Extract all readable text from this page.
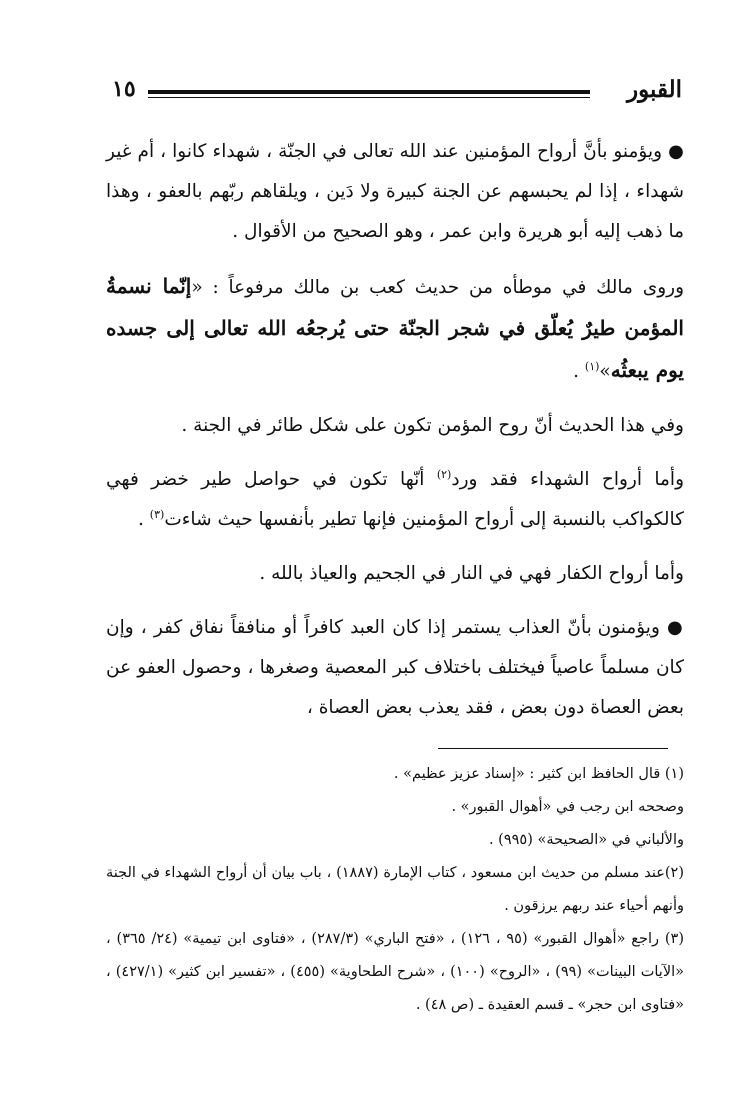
القبور
١٥

● ويؤمنو بأنَّ أرواح المؤمنين عند الله تعالى في الجنّة ، شهداء كانوا ، أم غير شهداء ، إذا لم يحبسهم عن الجنة كبيرة ولا دَين ، ويلقاهم ربّهم بالعفو ، وهذا ما ذهب إليه أبو هريرة وابن عمر ، وهو الصحيح من الأقوال .

وروى مالك في موطأه من حديث كعب بن مالك مرفوعاً : «إنّما نسمةُ المؤمن طيرٌ يُعلّق في شجر الجنّة حتى يُرجعُه الله تعالى إلى جسده يوم يبعثُه»$^{(١)}$ .

وفي هذا الحديث أنّ روح المؤمن تكون على شكل طائر في الجنة .

وأما أرواح الشهداء فقد ورد$^{(٢)}$ أنّها تكون في حواصل طير خضر فهي كالكواكب بالنسبة إلى أرواح المؤمنين فإنها تطير بأنفسها حيث شاءت$^{(٣)}$ .

وأما أرواح الكفار فهي في النار في الجحيم والعياذ بالله .

● ويؤمنون بأنّ العذاب يستمر إذا كان العبد كافراً أو منافقاً نفاق كفر ، وإن كان مسلماً عاصياً فيختلف باختلاف كبر المعصية وصغرها ، وحصول العفو عن بعض العصاة دون بعض ، فقد يعذب بعض العصاة ،

(١) قال الحافظ ابن كثير : «إسناد عزيز عظيم» .

وصححه ابن رجب في «أهوال القبور» .

والألباني في «الصحيحة» (٩٩٥) .

(٢)عند مسلم من حديث ابن مسعود ، كتاب الإمارة (١٨٨٧) ، باب بيان أن أرواح الشهداء في الجنة وأنهم أحياء عند ربهم يرزقون .

(٣) راجع «أهوال القبور» (٩٥ ، ١٢٦) ، «فتح الباري» (٢٨٧/٣) ، «فتاوى ابن تيمية» (٢٤/ ٣٦٥) ، «الآيات البينات» (٩٩) ، «الروح» (١٠٠) ، «شرح الطحاوية» (٤٥٥) ، «تفسير ابن كثير» (٤٢٧/١) ، «فتاوى ابن حجر» ـ قسم العقيدة ـ (ص ٤٨) .
